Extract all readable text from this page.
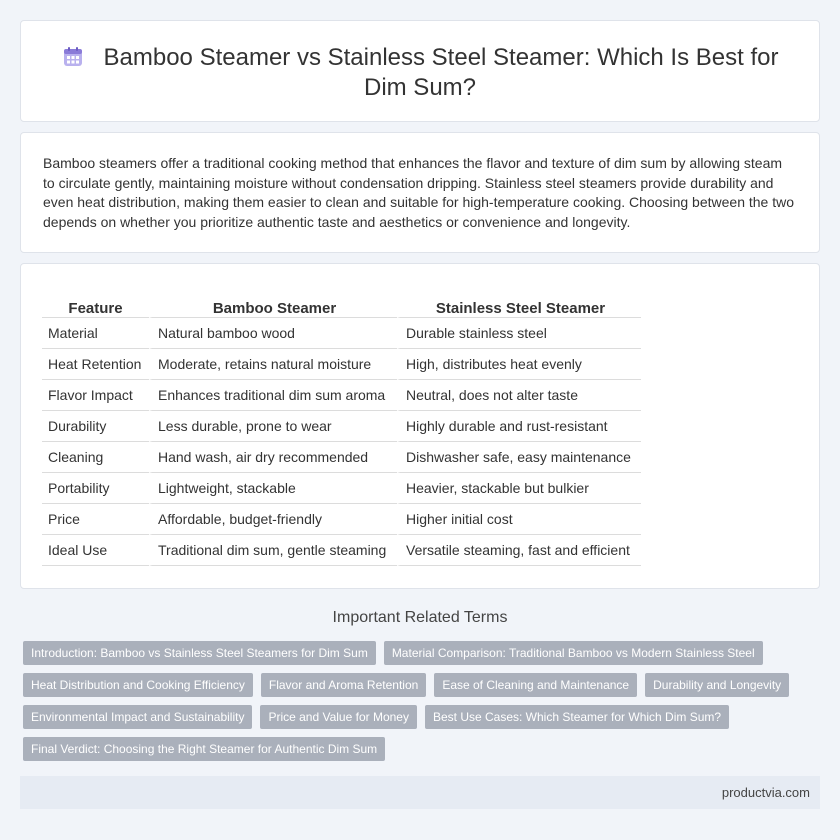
Bamboo Steamer vs Stainless Steel Steamer: Which Is Best for Dim Sum?

Bamboo steamers offer a traditional cooking method that enhances the flavor and texture of dim sum by allowing steam to circulate gently, maintaining moisture without condensation dripping. Stainless steel steamers provide durability and even heat distribution, making them easier to clean and suitable for high-temperature cooking. Choosing between the two depends on whether you prioritize authentic taste and aesthetics or convenience and longevity.

Feature	Bamboo Steamer	Stainless Steel Steamer
Material	Natural bamboo wood	Durable stainless steel
Heat Retention	Moderate, retains natural moisture	High, distributes heat evenly
Flavor Impact	Enhances traditional dim sum aroma	Neutral, does not alter taste
Durability	Less durable, prone to wear	Highly durable and rust-resistant
Cleaning	Hand wash, air dry recommended	Dishwasher safe, easy maintenance
Portability	Lightweight, stackable	Heavier, stackable but bulkier
Price	Affordable, budget-friendly	Higher initial cost
Ideal Use	Traditional dim sum, gentle steaming	Versatile steaming, fast and efficient
Important Related Terms
Introduction: Bamboo vs Stainless Steel Steamers for Dim Sum	Material Comparison: Traditional Bamboo vs Modern Stainless Steel
Heat Distribution and Cooking Efficiency	Flavor and Aroma Retention	Ease of Cleaning and Maintenance	Durability and Longevity
Environmental Impact and Sustainability	Price and Value for Money	Best Use Cases: Which Steamer for Which Dim Sum?
Final Verdict: Choosing the Right Steamer for Authentic Dim Sum
productvia.com
